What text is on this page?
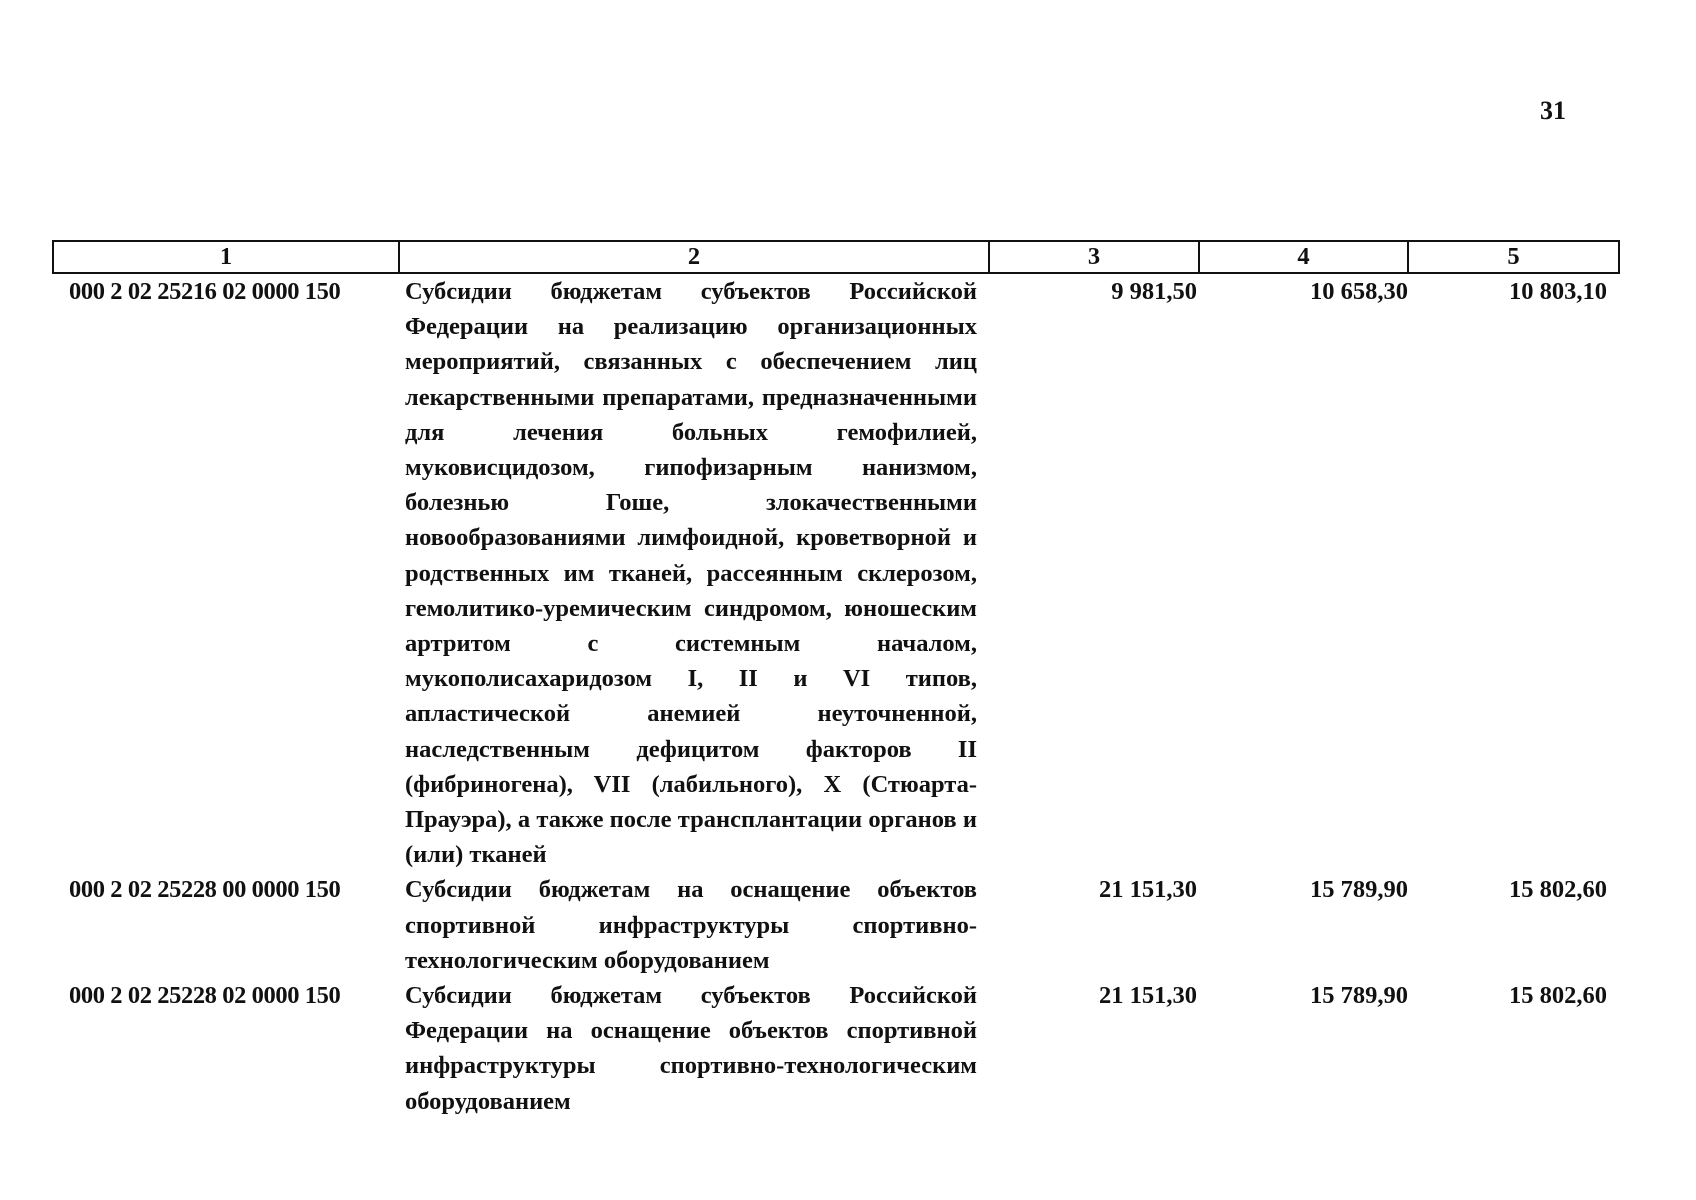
31
1	2	3	4	5
000 2 02 25216 02 0000 150	Субсидии бюджетам субъектов Российской Федерации на реализацию организационных мероприятий, связанных с обеспечением лиц лекарственными препаратами, предназначенными для лечения больных гемофилией, муковисцидозом, гипофизарным нанизмом, болезнью Гоше, злокачественными новообразованиями лимфоидной, кроветворной и родственных им тканей, рассеянным склерозом, гемолитико-уремическим синдромом, юношеским артритом с системным началом, мукополисахаридозом I, II и VI типов, апластической анемией неуточненной, наследственным дефицитом факторов II (фибриногена), VII (лабильного), X (Стюарта-Прауэра), а также после трансплантации органов и (или) тканей	9 981,50	10 658,30	10 803,10
000 2 02 25228 00 0000 150	Субсидии бюджетам на оснащение объектов спортивной инфраструктуры спортивно-технологическим оборудованием	21 151,30	15 789,90	15 802,60
000 2 02 25228 02 0000 150	Субсидии бюджетам субъектов Российской Федерации на оснащение объектов спортивной инфраструктуры спортивно-технологическим оборудованием	21 151,30	15 789,90	15 802,60
